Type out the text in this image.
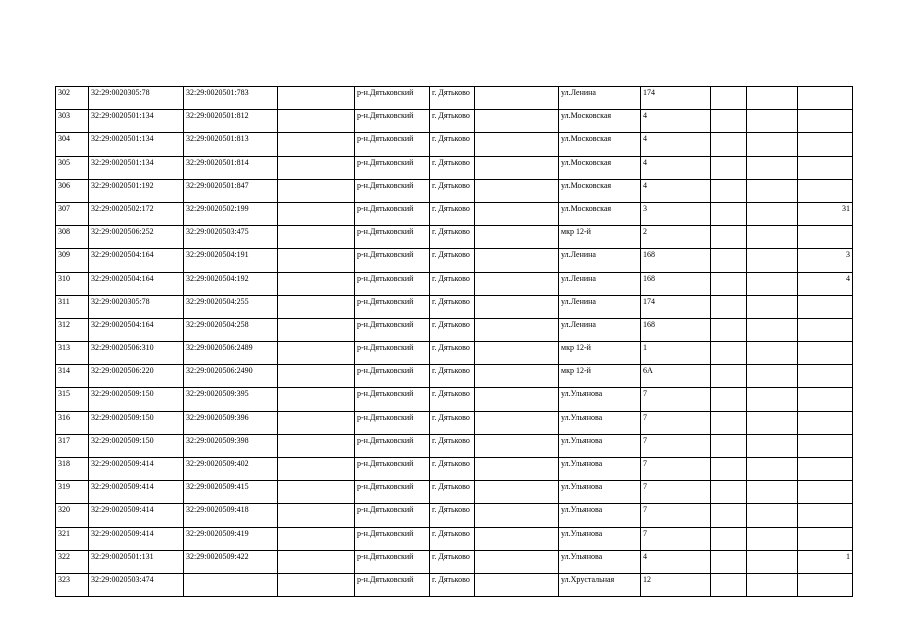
302	32:29:0020305:78	32:29:0020501:783		р-н.Дятьковский	г. Дятьково		ул.Ленина	174			
303	32:29:0020501:134	32:29:0020501:812		р-н.Дятьковский	г. Дятьково		ул.Московская	4			
304	32:29:0020501:134	32:29:0020501:813		р-н.Дятьковский	г. Дятьково		ул.Московская	4			
305	32:29:0020501:134	32:29:0020501:814		р-н.Дятьковский	г. Дятьково		ул.Московская	4			
306	32:29:0020501:192	32:29:0020501:847		р-н.Дятьковский	г. Дятьково		ул.Московская	4			
307	32:29:0020502:172	32:29:0020502:199		р-н.Дятьковский	г. Дятьково		ул.Московская	3			31
308	32:29:0020506:252	32:29:0020503:475		р-н.Дятьковский	г. Дятьково		мкр 12-й	2			
309	32:29:0020504:164	32:29:0020504:191		р-н.Дятьковский	г. Дятьково		ул.Ленина	168			3
310	32:29:0020504:164	32:29:0020504:192		р-н.Дятьковский	г. Дятьково		ул.Ленина	168			4
311	32:29:0020305:78	32:29:0020504:255		р-н.Дятьковский	г. Дятьково		ул.Ленина	174			
312	32:29:0020504:164	32:29:0020504:258		р-н.Дятьковский	г. Дятьково		ул.Ленина	168			
313	32:29:0020506:310	32:29:0020506:2489		р-н.Дятьковский	г. Дятьково		мкр 12-й	1			
314	32:29:0020506:220	32:29:0020506:2490		р-н.Дятьковский	г. Дятьково		мкр 12-й	6А			
315	32:29:0020509:150	32:29:0020509:395		р-н.Дятьковский	г. Дятьково		ул.Ульянова	7			
316	32:29:0020509:150	32:29:0020509:396		р-н.Дятьковский	г. Дятьково		ул.Ульянова	7			
317	32:29:0020509:150	32:29:0020509:398		р-н.Дятьковский	г. Дятьково		ул.Ульянова	7			
318	32:29:0020509:414	32:29:0020509:402		р-н.Дятьковский	г. Дятьково		ул.Ульянова	7			
319	32:29:0020509:414	32:29:0020509:415		р-н.Дятьковский	г. Дятьково		ул.Ульянова	7			
320	32:29:0020509:414	32:29:0020509:418		р-н.Дятьковский	г. Дятьково		ул.Ульянова	7			
321	32:29:0020509:414	32:29:0020509:419		р-н.Дятьковский	г. Дятьково		ул.Ульянова	7			
322	32:29:0020501:131	32:29:0020509:422		р-н.Дятьковский	г. Дятьково		ул.Ульянова	4			1
323	32:29:0020503:474			р-н.Дятьковский	г. Дятьково		ул.Хрустальная	12			
